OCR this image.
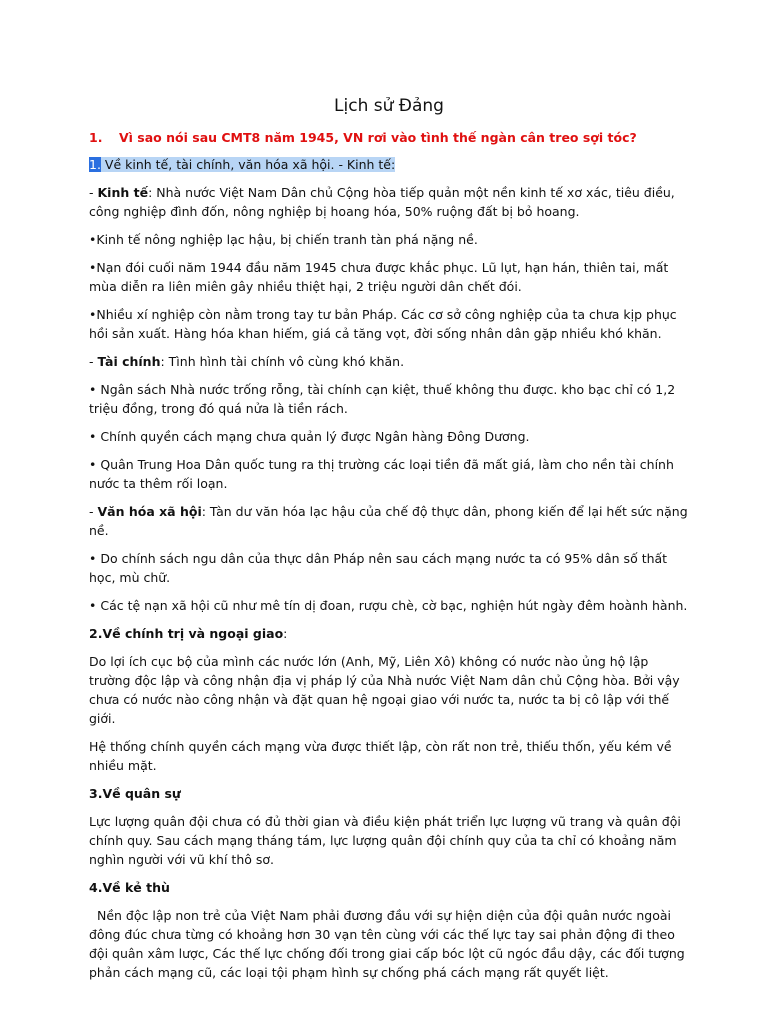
Lịch sử Đảng

1. Vì sao nói sau CMT8 năm 1945, VN rơi vào tình thế ngàn cân treo sợi tóc?

1. Về kinh tế, tài chính, văn hóa xã hội. - Kinh tế:

- Kinh tế: Nhà nước Việt Nam Dân chủ Cộng hòa tiếp quản một nền kinh tế xơ xác, tiêu điều, công nghiệp đình đốn, nông nghiệp bị hoang hóa, 50% ruộng đất bị bỏ hoang.

•Kinh tế nông nghiệp lạc hậu, bị chiến tranh tàn phá nặng nề.

•Nạn đói cuối năm 1944 đầu năm 1945 chưa được khắc phục. Lũ lụt, hạn hán, thiên tai, mất mùa diễn ra liên miên gây nhiều thiệt hại, 2 triệu người dân chết đói.

•Nhiều xí nghiệp còn nằm trong tay tư bản Pháp. Các cơ sở công nghiệp của ta chưa kịp phục hồi sản xuất. Hàng hóa khan hiếm, giá cả tăng vọt, đời sống nhân dân gặp nhiều khó khăn.

- Tài chính: Tình hình tài chính vô cùng khó khăn.

• Ngân sách Nhà nước trống rỗng, tài chính cạn kiệt, thuế không thu được. kho bạc chỉ có 1,2 triệu đồng, trong đó quá nửa là tiền rách.

• Chính quyền cách mạng chưa quản lý được Ngân hàng Đông Dương.

• Quân Trung Hoa Dân quốc tung ra thị trường các loại tiền đã mất giá, làm cho nền tài chính nước ta thêm rối loạn.

- Văn hóa xã hội: Tàn dư văn hóa lạc hậu của chế độ thực dân, phong kiến để lại hết sức nặng nề.

• Do chính sách ngu dân của thực dân Pháp nên sau cách mạng nước ta có 95% dân số thất học, mù chữ.

• Các tệ nạn xã hội cũ như mê tín dị đoan, rượu chè, cờ bạc, nghiện hút ngày đêm hoành hành.

2.Về chính trị và ngoại giao:

Do lợi ích cục bộ của mình các nước lớn (Anh, Mỹ, Liên Xô) không có nước nào ủng hộ lập trường độc lập và công nhận địa vị pháp lý của Nhà nước Việt Nam dân chủ Cộng hòa. Bởi vậy chưa có nước nào công nhận và đặt quan hệ ngoại giao với nước ta, nước ta bị cô lập với thế giới.

Hệ thống chính quyền cách mạng vừa được thiết lập, còn rất non trẻ, thiếu thốn, yếu kém về nhiều mặt.

3.Về quân sự

Lực lượng quân đội chưa có đủ thời gian và điều kiện phát triển lực lượng vũ trang và quân đội chính quy. Sau cách mạng tháng tám, lực lượng quân đội chính quy của ta chỉ có khoảng năm nghìn người với vũ khí thô sơ.

4.Về kẻ thù

Nền độc lập non trẻ của Việt Nam phải đương đầu với sự hiện diện của đội quân nước ngoài đông đúc chưa từng có khoảng hơn 30 vạn tên cùng với các thế lực tay sai phản động đi theo đội quân xâm lược, Các thế lực chống đối trong giai cấp bóc lột cũ ngóc đầu dậy, các đối tượng phản cách mạng cũ, các loại tội phạm hình sự chống phá cách mạng rất quyết liệt.
